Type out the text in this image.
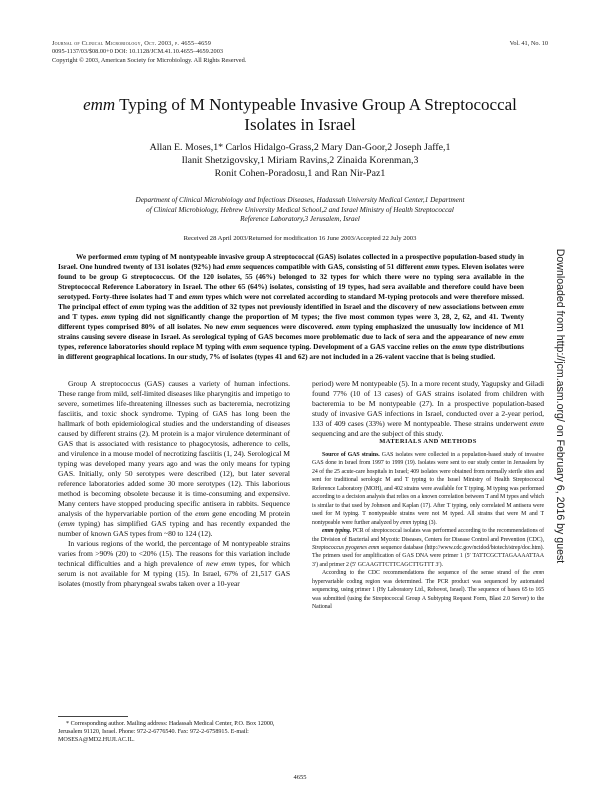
Journal of Clinical Microbiology, Oct. 2003, p. 4655–4659
0095-1137/03/$08.00+0 DOI: 10.1128/JCM.41.10.4655–4659.2003
Copyright © 2003, American Society for Microbiology. All Rights Reserved.
Vol. 41, No. 10
emm Typing of M Nontypeable Invasive Group A Streptococcal Isolates in Israel
Allan E. Moses,1* Carlos Hidalgo-Grass,2 Mary Dan-Goor,2 Joseph Jaffe,1
Ilanit Shetzigovsky,1 Miriam Ravins,2 Zinaida Korenman,3
Ronit Cohen-Poradosu,1 and Ran Nir-Paz1
Department of Clinical Microbiology and Infectious Diseases, Hadassah University Medical Center,1 Department
of Clinical Microbiology, Hebrew University Medical School,2 and Israel Ministry of Health Streptococcal
Reference Laboratory,3 Jerusalem, Israel
Received 28 April 2003/Returned for modification 16 June 2003/Accepted 22 July 2003
We performed emm typing of M nontypeable invasive group A streptococcal (GAS) isolates collected in a prospective population-based study in Israel. One hundred twenty of 131 isolates (92%) had emm sequences compatible with GAS, consisting of 51 different emm types. Eleven isolates were found to be group G streptococcus. Of the 120 isolates, 55 (46%) belonged to 32 types for which there were no typing sera available in the Streptococcal Reference Laboratory in Israel. The other 65 (64%) isolates, consisting of 19 types, had sera available and therefore could have been serotyped. Forty-three isolates had T and emm types which were not correlated according to standard M-typing protocols and were therefore missed. The principal effect of emm typing was the addition of 32 types not previously identified in Israel and the discovery of new associations between emm and T types. emm typing did not significantly change the proportion of M types; the five most common types were 3, 28, 2, 62, and 41. Twenty different types comprised 80% of all isolates. No new emm sequences were discovered. emm typing emphasized the unusually low incidence of M1 strains causing severe disease in Israel. As serological typing of GAS becomes more problematic due to lack of sera and the appearance of new emm types, reference laboratories should replace M typing with emm sequence typing. Development of a GAS vaccine relies on the emm type distributions in different geographical locations. In our study, 7% of isolates (types 41 and 62) are not included in a 26-valent vaccine that is being studied.

Group A streptococcus (GAS) causes a variety of human infections. These range from mild, self-limited diseases like pharyngitis and impetigo to severe, sometimes life-threatening illnesses such as bacteremia, necrotizing fasciitis, and toxic shock syndrome. Typing of GAS has long been the hallmark of both epidemiological studies and the understanding of diseases caused by different strains (2). M protein is a major virulence determinant of GAS that is associated with resistance to phagocytosis, adherence to cells, and virulence in a mouse model of necrotizing fasciitis (1, 24). Serological M typing was developed many years ago and was the only means for typing GAS. Initially, only 50 serotypes were described (12), but later several reference laboratories added some 30 more serotypes (12). This laborious method is becoming obsolete because it is time-consuming and expensive. Many centers have stopped producing specific antisera in rabbits. Sequence analysis of the hypervariable portion of the emm gene encoding M protein (emm typing) has simplified GAS typing and has recently expanded the number of known GAS types from ~80 to 124 (12).

In various regions of the world, the percentage of M nontypeable strains varies from >90% (20) to <20% (15). The reasons for this variation include technical difficulties and a high prevalence of new emm types, for which serum is not available for M typing (15). In Israel, 67% of 21,517 GAS isolates (mostly from pharyngeal swabs taken over a 10-year

period) were M nontypeable (5). In a more recent study, Yagupsky and Giladi found 77% (10 of 13 cases) of GAS strains isolated from children with bacteremia to be M nontypeable (27). In a prospective population-based study of invasive GAS infections in Israel, conducted over a 2-year period, 133 of 409 cases (33%) were M nontypeable. These strains underwent emm sequencing and are the subject of this study.

MATERIALS AND METHODS

Source of GAS strains. GAS isolates were collected in a population-based study of invasive GAS done in Israel from 1997 to 1999 (19). Isolates were sent to our study center in Jerusalem by 24 of the 25 acute-care hospitals in Israel; 409 isolates were obtained from normally sterile sites and sent for traditional serologic M and T typing to the Israel Ministry of Health Streptococcal Reference Laboratory (MOH), and 402 strains were available for T typing. M typing was performed according to a decision analysis that relies on a known correlation between T and M types and which is similar to that used by Johnson and Kaplan (17). After T typing, only correlated M antisera were used for M typing. T nontypeable strains were not M typed. All strains that were M and T nontypeable were further analyzed by emm typing (3).

emm typing. PCR of streptococcal isolates was performed according to the recommendations of the Division of Bacterial and Mycotic Diseases, Centers for Disease Control and Prevention (CDC), Streptococcus pyogenes emm sequence database (http://www.cdc.gov/ncidod/biotech/strep/doc.htm). The primers used for amplification of GAS DNA were primer 1 (5′ TATTCGCTTAGAAAATTAA 3′) and primer 2 (5′ GCAAGTTCTTCAGCTTGTTT 3′).

According to the CDC recommendations the sequence of the sense strand of the emm hypervariable coding region was determined. The PCR product was sequenced by automated sequencing, using primer 1 (Hy Laboratory Ltd., Rehovot, Israel). The sequence of bases 65 to 165 was submitted (using the Streptococcal Group A Subtyping Request Form, Blast 2.0 Server) to the National

* Corresponding author. Mailing address: Hadassah Medical Center, P.O. Box 12000, Jerusalem 91120, Israel. Phone: 972-2-6776540. Fax: 972-2-6758915. E-mail: MOSESA@MD2.HUJI.AC.IL.

4655
Downloaded from http://jcm.asm.org/ on February 6, 2016 by guest
